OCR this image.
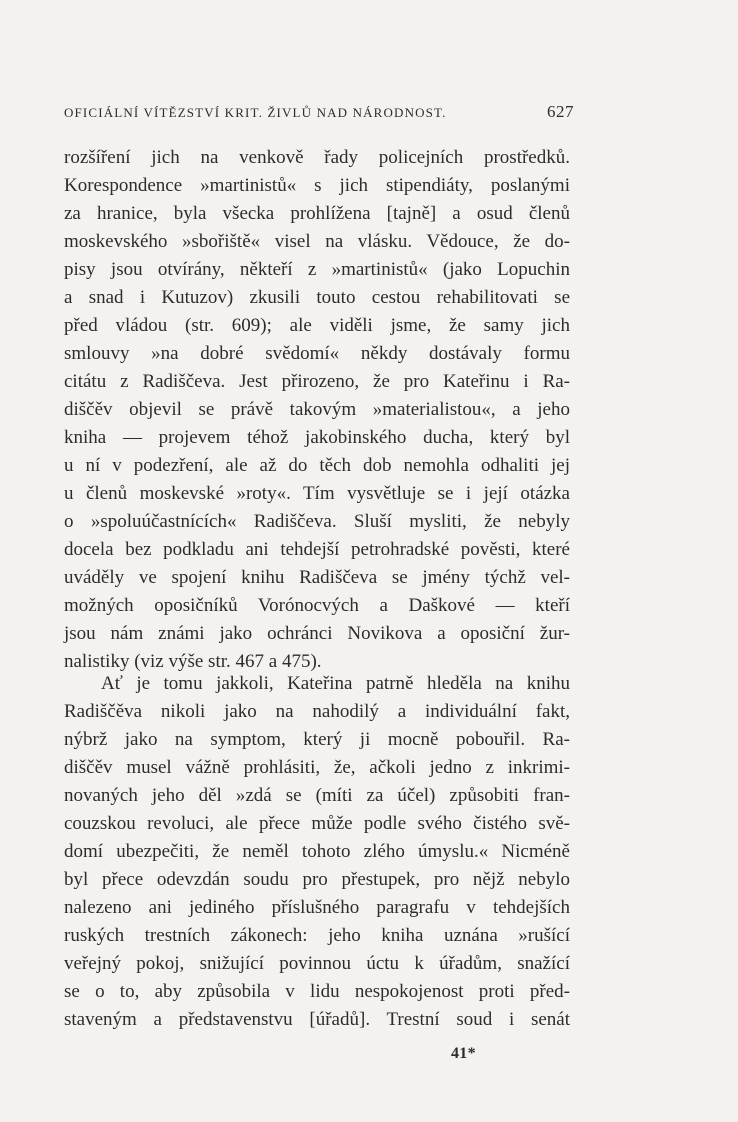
OFICIÁLNÍ VÍTĚZSTVÍ KRIT. ŽIVLŮ NAD NÁRODNOST.	627
rozšíření jich na venkově řady policejních prostředků.
Korespondence »martinistů« s jich stipendiáty, poslanými
za hranice, byla všecka prohlížena [tajně] a osud členů
moskevského »sbořiště« visel na vlásku. Vědouce, že do-
pisy jsou otvírány, někteří z »martinistů« (jako Lopuchin
a snad i Kutuzov) zkusili touto cestou rehabilitovati se
před vládou (str. 609); ale viděli jsme, že samy jich
smlouvy »na dobré svědomí« někdy dostávaly formu
citátu z Radiščeva. Jest přirozeno, že pro Kateřinu i Ra-
diščěv objevil se právě takovým »materialistou«, a jeho
kniha — projevem téhož jakobinského ducha, který byl
u ní v podezření, ale až do těch dob nemohla odhaliti jej
u členů moskevské »roty«. Tím vysvětluje se i její otázka
o »spoluúčastnících« Radiščeva. Sluší mysliti, že nebyly
docela bez podkladu ani tehdejší petrohradské pověsti, které
uváděly ve spojení knihu Radiščeva se jmény týchž vel-
možných oposičníků Vorónocvých a Daškové — kteří
jsou nám známi jako ochránci Novikova a oposiční žur-
nalistiky (viz výše str. 467 a 475).
Ať je tomu jakkoli, Kateřina patrně hleděla na knihu
Radiščěva nikoli jako na nahodilý a individuální fakt,
nýbrž jako na symptom, který ji mocně pobouřil. Ra-
diščěv musel vážně prohlásiti, že, ačkoli jedno z inkrimi-
novaných jeho děl »zdá se (míti za účel) způsobiti fran-
couzskou revoluci, ale přece může podle svého čistého svě-
domí ubezpečiti, že neměl tohoto zlého úmyslu.« Nicméně
byl přece odevzdán soudu pro přestupek, pro nějž nebylo
nalezeno ani jediného příslušného paragrafu v tehdejších
ruských trestních zákonech: jeho kniha uznána »rušící
veřejný pokoj, snižující povinnou úctu k úřadům, snažící
se o to, aby způsobila v lidu nespokojenost proti před-
staveným a představenstvu [úřadů]. Trestní soud i senát
41*
